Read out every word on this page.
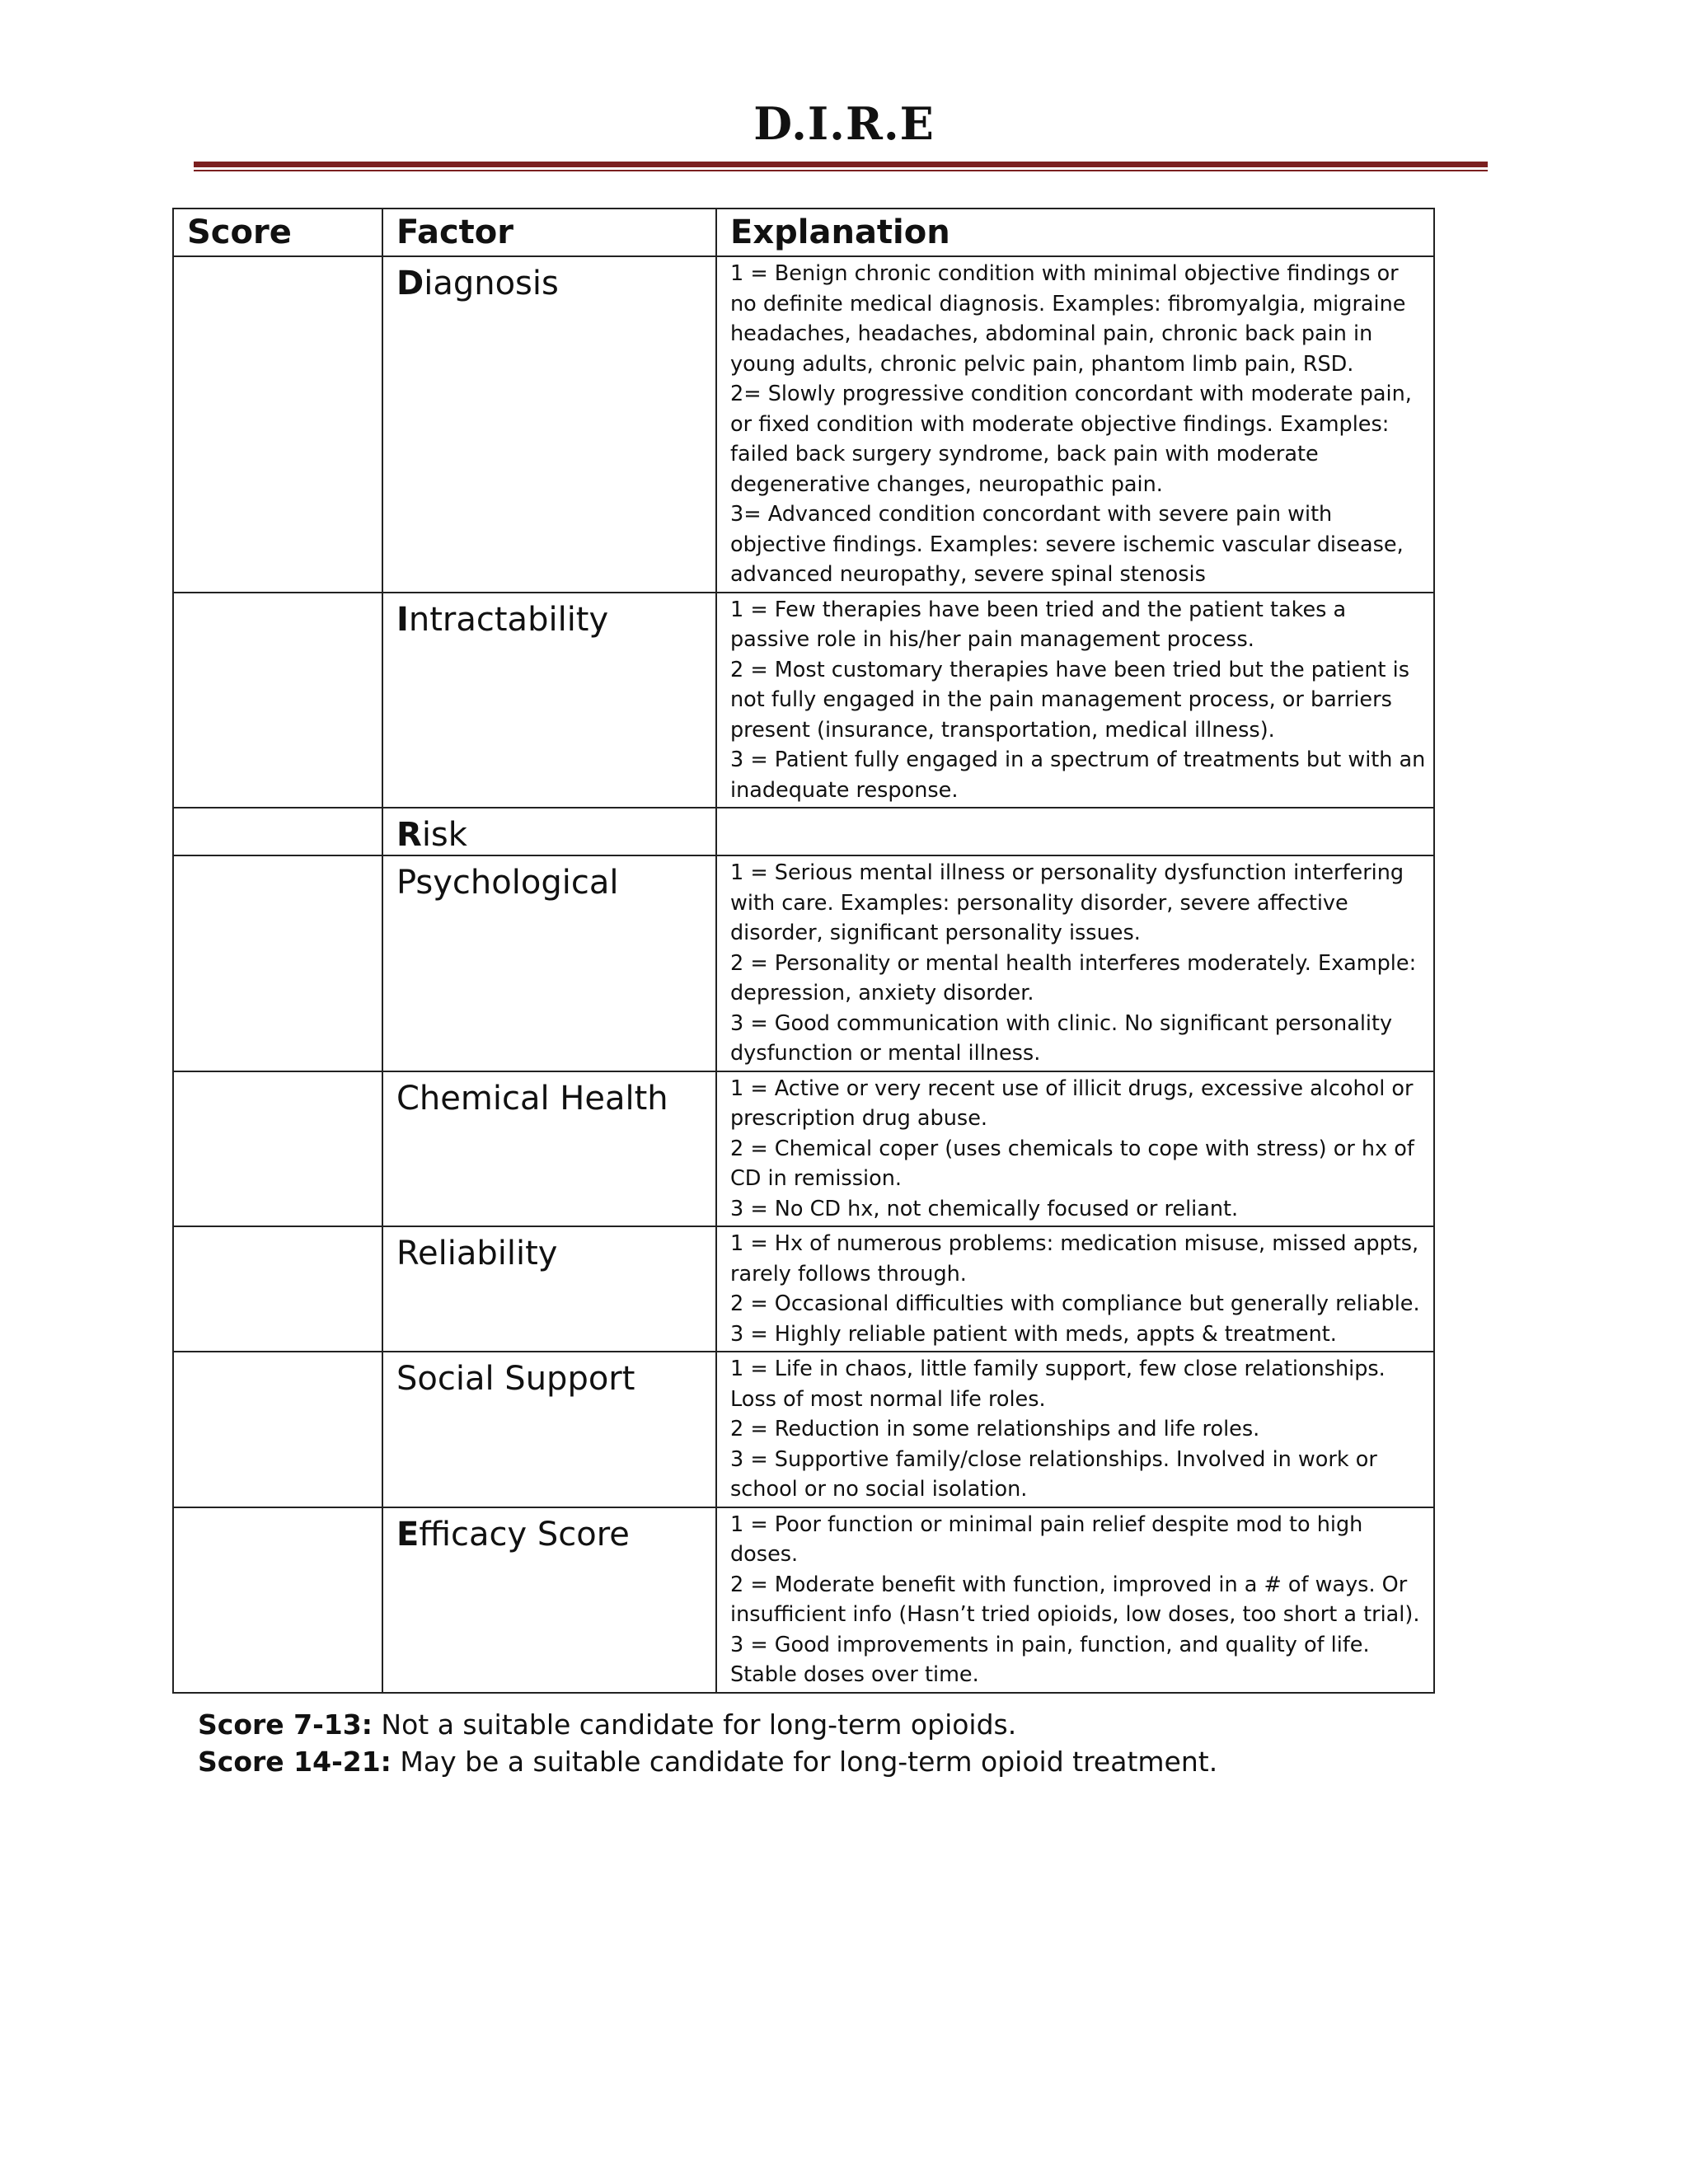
D.I.R.E
Score	Factor	Explanation
	Diagnosis	1 = Benign chronic condition with minimal objective findings or no definite medical diagnosis. Examples: fibromyalgia, migraine headaches, headaches, abdominal pain, chronic back pain in young adults, chronic pelvic pain, phantom limb pain, RSD.
2= Slowly progressive condition concordant with moderate pain, or fixed condition with moderate objective findings. Examples: failed back surgery syndrome, back pain with moderate degenerative changes, neuropathic pain.
3= Advanced condition concordant with severe pain with objective findings. Examples: severe ischemic vascular disease, advanced neuropathy, severe spinal stenosis

	Intractability	1 = Few therapies have been tried and the patient takes a passive role in his/her pain management process.
2 = Most customary therapies have been tried but the patient is not fully engaged in the pain management process, or barriers present (insurance, transportation, medical illness).
3 = Patient fully engaged in a spectrum of treatments but with an inadequate response.

	Risk	
	Psychological	1 = Serious mental illness or personality dysfunction interfering with care. Examples: personality disorder, severe affective disorder, significant personality issues.
2 = Personality or mental health interferes moderately. Example: depression, anxiety disorder.
3 = Good communication with clinic. No significant personality dysfunction or mental illness.

	Chemical Health	1 = Active or very recent use of illicit drugs, excessive alcohol or prescription drug abuse.
2 = Chemical coper (uses chemicals to cope with stress) or hx of CD in remission.
3 = No CD hx, not chemically focused or reliant.

	Reliability	1 = Hx of numerous problems: medication misuse, missed appts, rarely follows through.
2 = Occasional difficulties with compliance but generally reliable.
3 = Highly reliable patient with meds, appts & treatment.

	Social Support	1 = Life in chaos, little family support, few close relationships. Loss of most normal life roles.
2 = Reduction in some relationships and life roles.
3 = Supportive family/close relationships. Involved in work or school or no social isolation.

	Efficacy Score	1 = Poor function or minimal pain relief despite mod to high doses.
2 = Moderate benefit with function, improved in a # of ways. Or insufficient info (Hasn’t tried opioids, low doses, too short a trial).
3 = Good improvements in pain, function, and quality of life. Stable doses over time.
Score 7-13: Not a suitable candidate for long-term opioids.
Score 14-21: May be a suitable candidate for long-term opioid treatment.
